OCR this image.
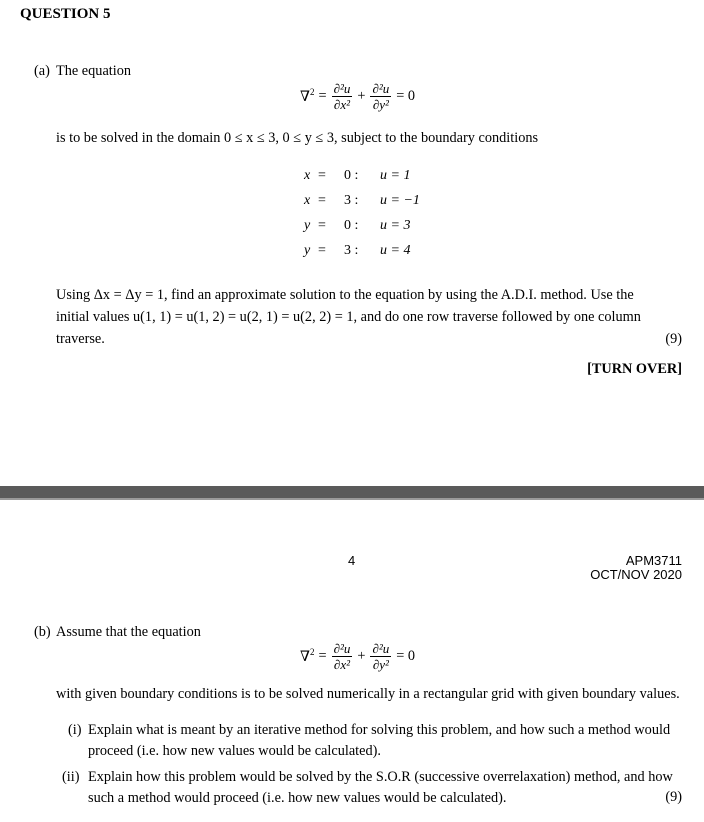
QUESTION 5
(a) The equation
$\nabla^2 = \frac{\text{∂²u}}{\text{∂x²}} + \frac{\text{∂²u}}{\text{∂y²}} = 0$
is to be solved in the domain 0 ≤ x ≤ 3, 0 ≤ y ≤ 3, subject to the boundary conditions
x =	0 :	u = 1
x =	3 :	u = −1
y =	0 :	u = 3
y =	3 :	u = 4
Using Δx = Δy = 1, find an approximate solution to the equation by using the A.D.I. method. Use the
initial values u(1, 1) = u(1, 2) = u(2, 1) = u(2, 2) = 1, and do one row traverse followed by one column
traverse.	(9)
[TURN OVER]
4	APM3711
OCT/NOV 2020
(b) Assume that the equation
$\nabla^2 = \frac{\text{∂²u}}{\text{∂x²}} + \frac{\text{∂²u}}{\text{∂y²}} = 0$
with given boundary conditions is to be solved numerically in a rectangular grid with given boundary values.
(i) Explain what is meant by an iterative method for solving this problem, and how such a method would proceed (i.e. how new values would be calculated).
(ii) Explain how this problem would be solved by the S.O.R (successive overrelaxation) method, and how such a method would proceed (i.e. how new values would be calculated).	(9)
